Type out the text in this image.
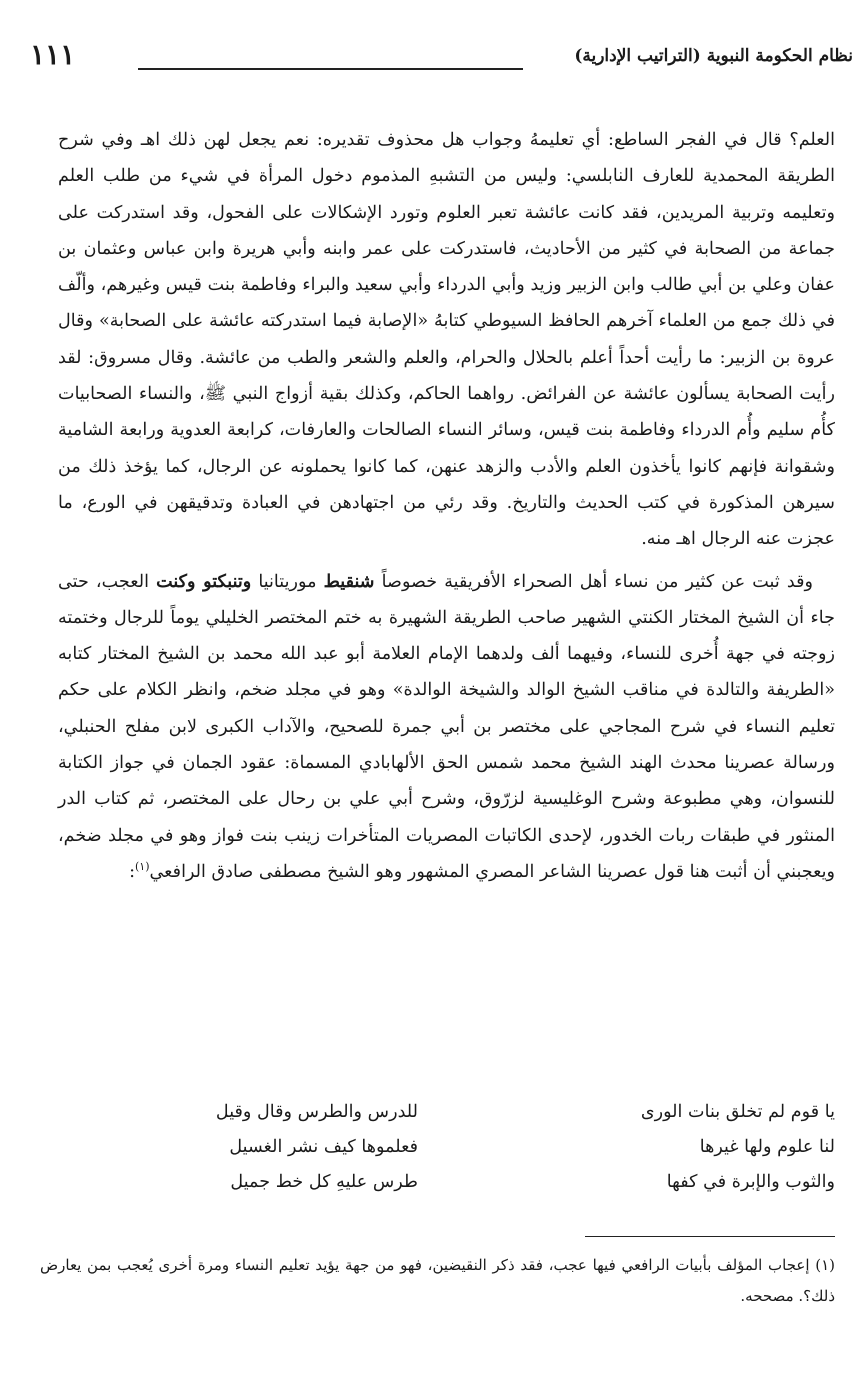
نظام الحكومة النبوية (التراتيب الإدارية)
١١١

العلم؟ قال في الفجر الساطع: أي تعليمهُ وجواب هل محذوف تقديره: نعم يجعل لهن ذلك اهـ وفي شرح الطريقة المحمدية للعارف النابلسي: وليس من التشبهِ المذموم دخول المرأة في شيء من طلب العلم وتعليمه وتربية المريدين، فقد كانت عائشة تعبر العلوم وتورد الإشكالات على الفحول، وقد استدركت على جماعة من الصحابة في كثير من الأحاديث، فاستدركت على عمر وابنه وأبي هريرة وابن عباس وعثمان بن عفان وعلي بن أبي طالب وابن الزبير وزيد وأبي الدرداء وأبي سعيد والبراء وفاطمة بنت قيس وغيرهم، وألّف في ذلك جمع من العلماء آخرهم الحافظ السيوطي كتابهُ «الإصابة فيما استدركته عائشة على الصحابة» وقال عروة بن الزبير: ما رأيت أحداً أعلم بالحلال والحرام، والعلم والشعر والطب من عائشة. وقال مسروق: لقد رأيت الصحابة يسألون عائشة عن الفرائض. رواهما الحاكم، وكذلك بقية أزواج النبي ﷺ، والنساء الصحابيات كأُم سليم وأُم الدرداء وفاطمة بنت قيس، وسائر النساء الصالحات والعارفات، كرابعة العدوية ورابعة الشامية وشقوانة فإنهم كانوا يأخذون العلم والأدب والزهد عنهن، كما كانوا يحملونه عن الرجال، كما يؤخذ ذلك من سيرهن المذكورة في كتب الحديث والتاريخ. وقد رئي من اجتهادهن في العبادة وتدقيقهن في الورع، ما عجزت عنه الرجال اهـ منه.

وقد ثبت عن كثير من نساء أهل الصحراء الأفريقية خصوصاً شنقيط موريتانيا وتنبكتو وكنت العجب، حتى جاء أن الشيخ المختار الكنتي الشهير صاحب الطريقة الشهيرة به ختم المختصر الخليلي يوماً للرجال وختمته زوجته في جهة أُخرى للنساء، وفيهما ألف ولدهما الإمام العلامة أبو عبد الله محمد بن الشيخ المختار كتابه «الطريفة والتالدة في مناقب الشيخ الوالد والشيخة الوالدة» وهو في مجلد ضخم، وانظر الكلام على حكم تعليم النساء في شرح المجاجي على مختصر بن أبي جمرة للصحيح، والآداب الكبرى لابن مفلح الحنبلي، ورسالة عصرينا محدث الهند الشيخ محمد شمس الحق الألهابادي المسماة: عقود الجمان في جواز الكتابة للنسوان، وهي مطبوعة وشرح الوغليسية لزرّوق، وشرح أبي علي بن رحال على المختصر، ثم كتاب الدر المنثور في طبقات ربات الخدور، لإحدى الكاتبات المصريات المتأخرات زينب بنت فواز وهو في مجلد ضخم، ويعجبني أن أثبت هنا قول عصرينا الشاعر المصري المشهور وهو الشيخ مصطفى صادق الرافعي$^{(١)}$:

يا قوم لم تخلق بنات الورى
للدرس والطرس وقال وقيل
لنا علوم ولها غيرها
فعلموها كيف نشر الغسيل
والثوب والإبرة في كفها
طرس عليهِ كل خط جميل
(١) إعجاب المؤلف بأبيات الرافعي فيها عجب، فقد ذكر النقيضين، فهو من جهة يؤيد تعليم النساء ومرة أخرى يُعجب بمن يعارض ذلك؟. مصححه.
